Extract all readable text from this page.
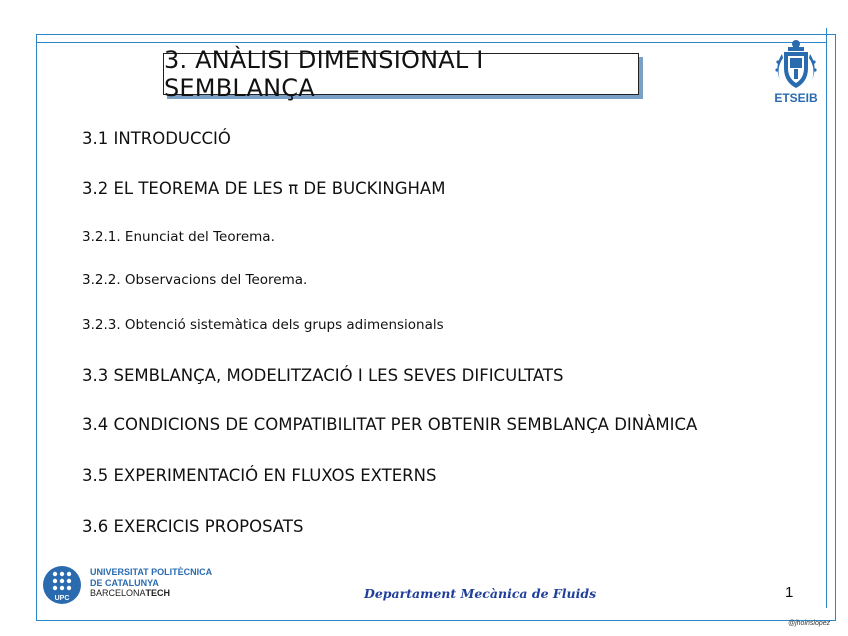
3. ANÀLISI DIMENSIONAL I SEMBLANÇA	ETSEIB
3.1 INTRODUCCIÓ
3.2 EL TEOREMA DE LES π DE BUCKINGHAM
3.2.1. Enunciat del Teorema.
3.2.2. Observacions del Teorema.
3.2.3. Obtenció sistemàtica dels grups adimensionals
3.3 SEMBLANÇA, MODELITZACIÓ I LES SEVES DIFICULTATS
3.4 CONDICIONS DE COMPATIBILITAT PER OBTENIR SEMBLANÇA DINÀMICA
3.5 EXPERIMENTACIÓ EN FLUXOS EXTERNS
3.6 EXERCICIS PROPOSATS
UPC
UNIVERSITAT POLITÈCNICA
DE CATALUNYA
BARCELONATECH	Departament Mecànica de Fluids	1
@jhoinslopez
